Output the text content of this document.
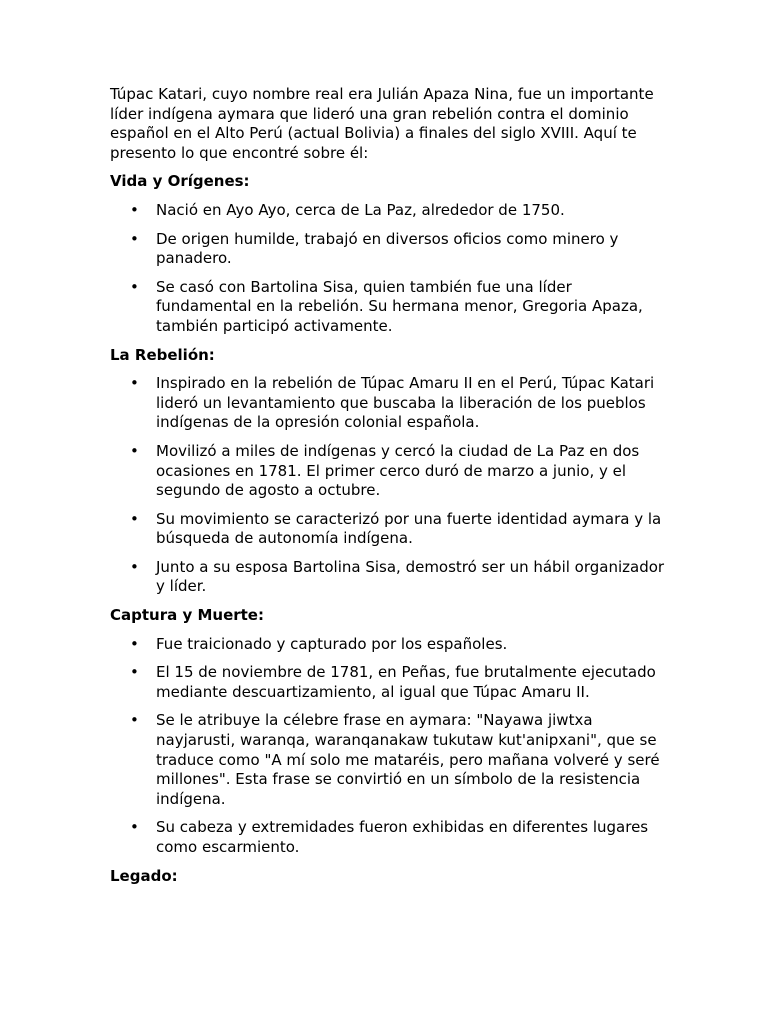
Túpac Katari, cuyo nombre real era Julián Apaza Nina, fue un importante líder indígena aymara que lideró una gran rebelión contra el dominio español en el Alto Perú (actual Bolivia) a finales del siglo XVIII. Aquí te presento lo que encontré sobre él:

Vida y Orígenes:

• Nació en Ayo Ayo, cerca de La Paz, alrededor de 1750.
• De origen humilde, trabajó en diversos oficios como minero y panadero.
• Se casó con Bartolina Sisa, quien también fue una líder fundamental en la rebelión. Su hermana menor, Gregoria Apaza, también participó activamente.

La Rebelión:

• Inspirado en la rebelión de Túpac Amaru II en el Perú, Túpac Katari lideró un levantamiento que buscaba la liberación de los pueblos indígenas de la opresión colonial española.
• Movilizó a miles de indígenas y cercó la ciudad de La Paz en dos ocasiones en 1781. El primer cerco duró de marzo a junio, y el segundo de agosto a octubre.
• Su movimiento se caracterizó por una fuerte identidad aymara y la búsqueda de autonomía indígena.
• Junto a su esposa Bartolina Sisa, demostró ser un hábil organizador y líder.

Captura y Muerte:

• Fue traicionado y capturado por los españoles.
• El 15 de noviembre de 1781, en Peñas, fue brutalmente ejecutado mediante descuartizamiento, al igual que Túpac Amaru II.
• Se le atribuye la célebre frase en aymara: "Nayawa jiwtxa nayjarusti, waranqa, waranqanakaw tukutaw kut'anipxani", que se traduce como "A mí solo me mataréis, pero mañana volveré y seré millones". Esta frase se convirtió en un símbolo de la resistencia indígena.
• Su cabeza y extremidades fueron exhibidas en diferentes lugares como escarmiento.

Legado:
